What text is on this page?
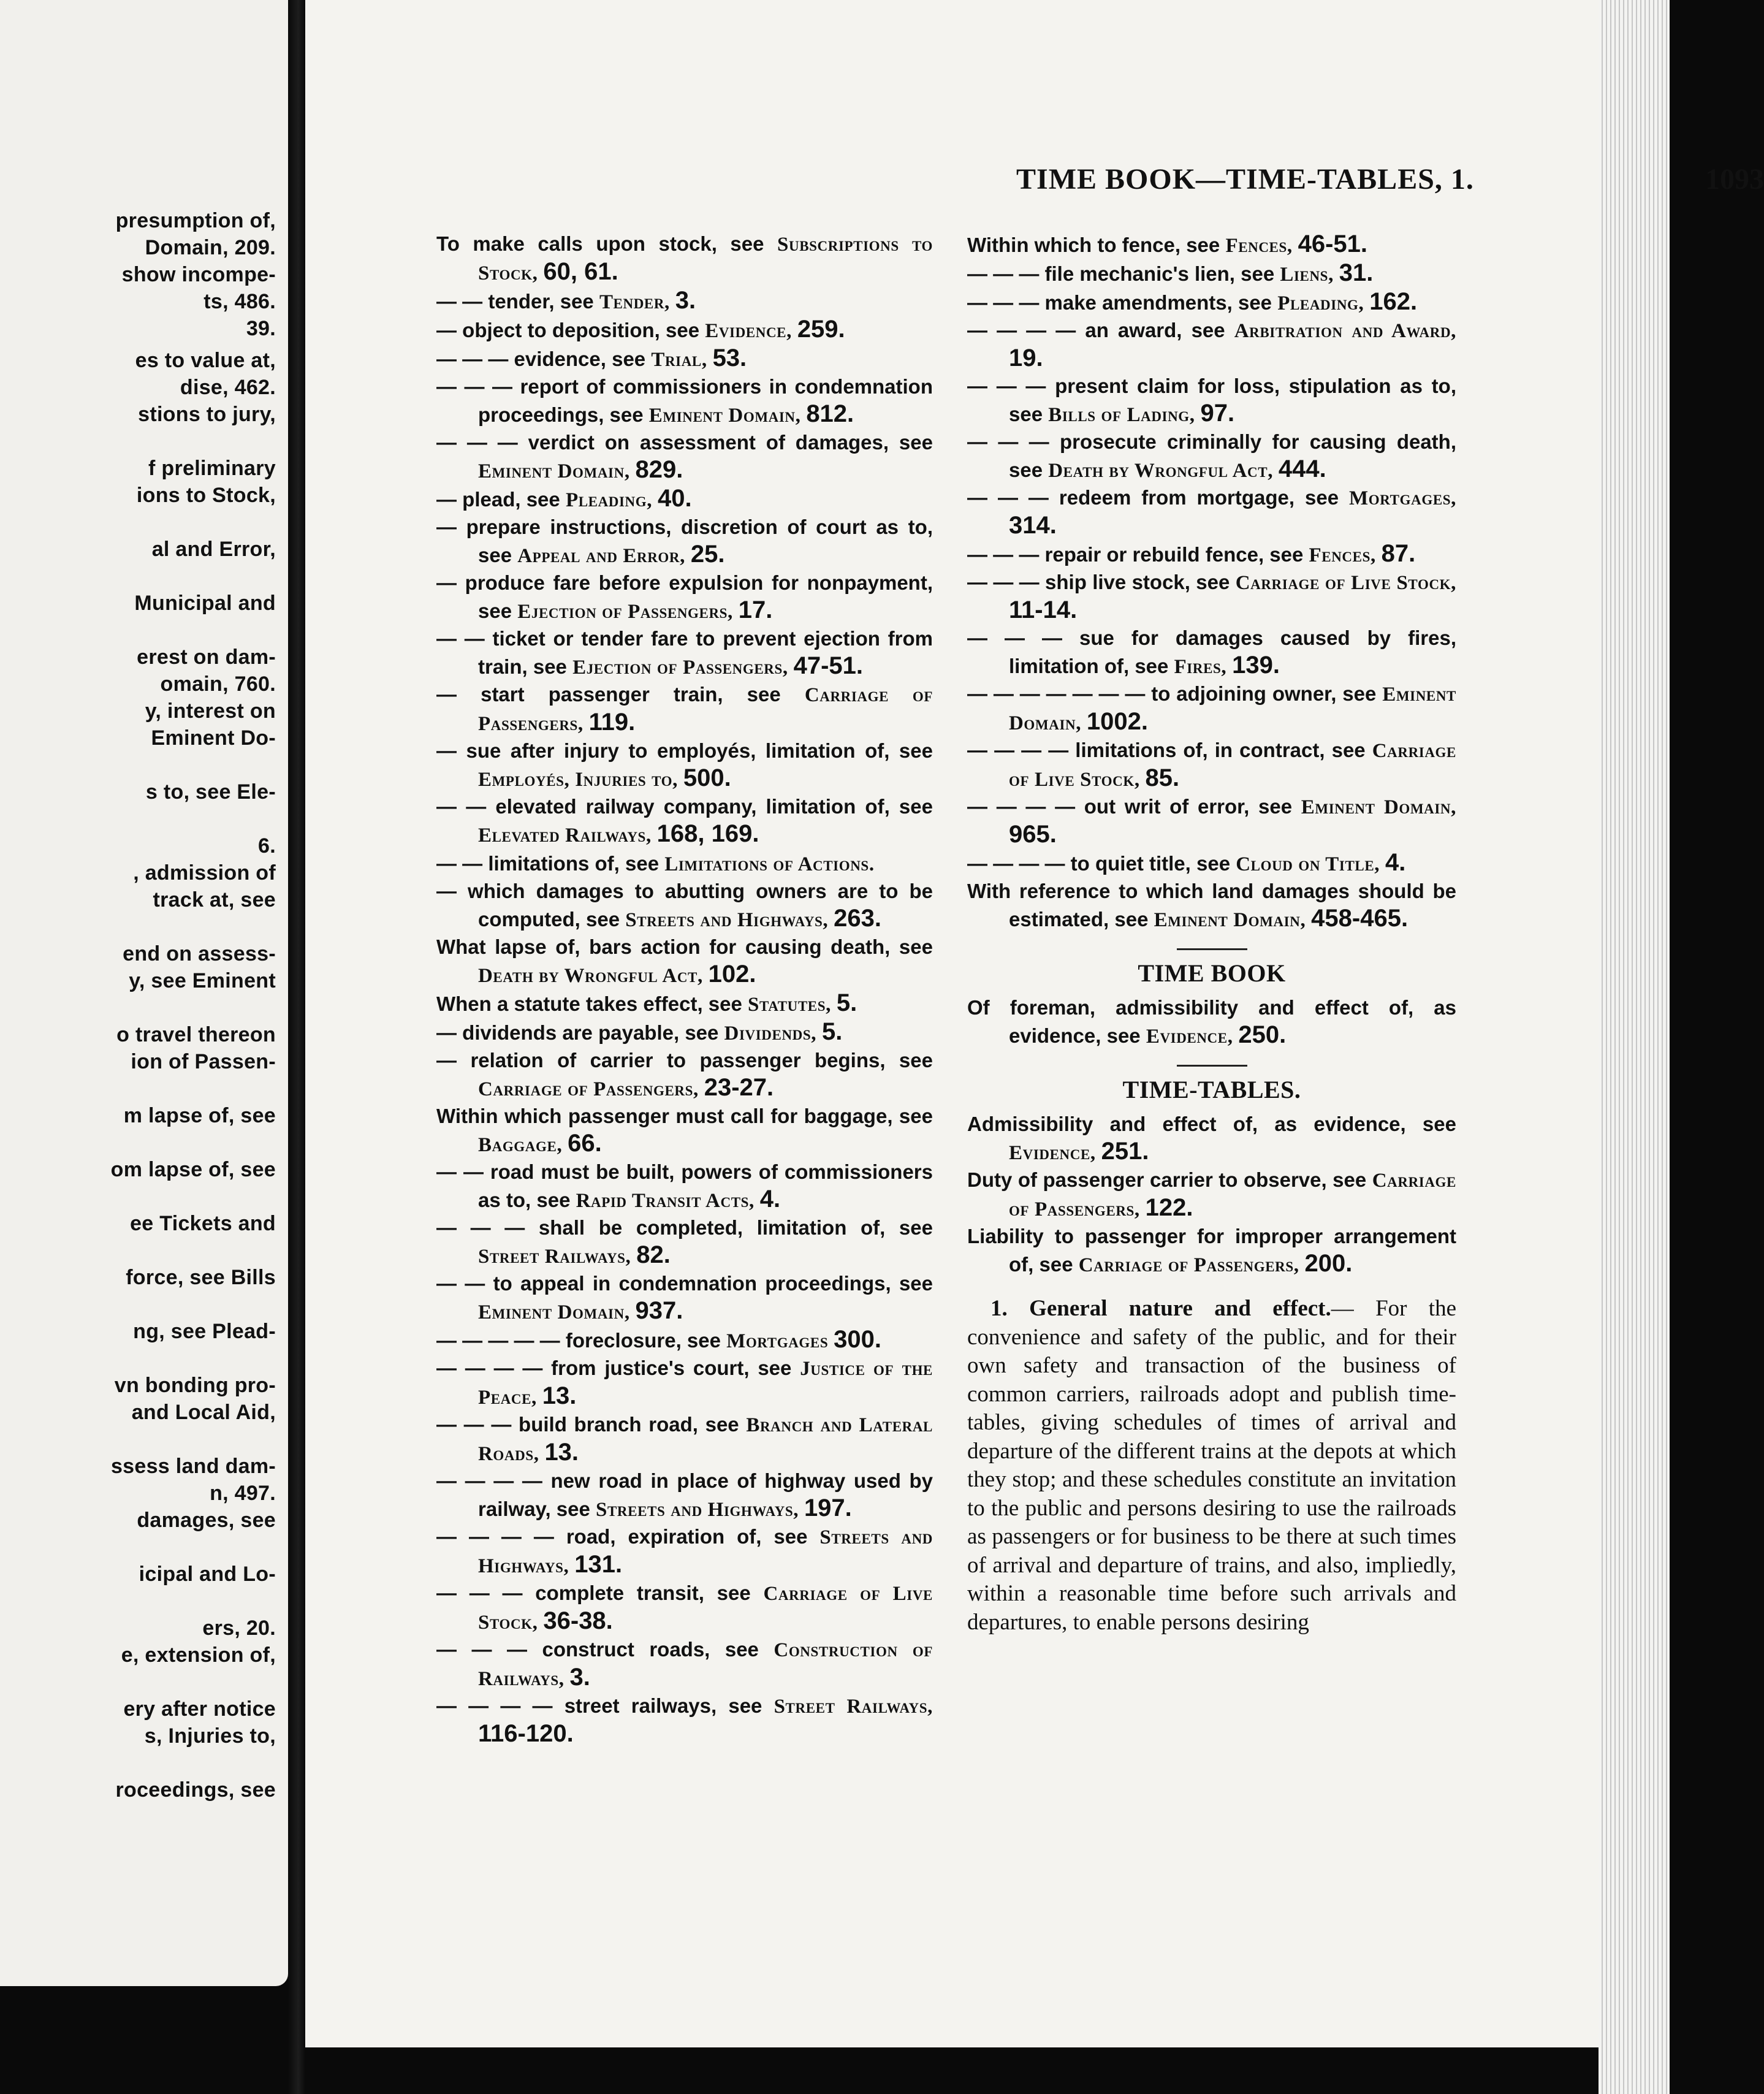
presumption of,
Domain, 209.
show incompe-
ts, 486.
39.
es to value at,
dise, 462.
stions to jury,
f preliminary
ions to Stock,
al and Error,
Municipal and
erest on dam-
omain, 760.
y, interest on
Eminent Do-
s to, see Ele-
6.
, admission of
track at, see
end on assess-
y, see Eminent
o travel thereon
ion of Passen-
m lapse of, see
om lapse of, see
ee Tickets and
force, see Bills
ng, see Plead-
vn bonding pro-
and Local Aid,
ssess land dam-
n, 497.
damages, see
icipal and Lo-
ers, 20.
e, extension of,
ery after notice
s, Injuries to,
roceedings, see
TIME BOOK—TIME-TABLES, 1.	1093

To make calls upon stock, see Subscriptions to Stock, 60, 61.

— — tender, see Tender, 3.

— object to deposition, see Evidence, 259.

— — — evidence, see Trial, 53.

— — — report of commissioners in condemnation proceedings, see Eminent Domain, 812.

— — — verdict on assessment of damages, see Eminent Domain, 829.

— plead, see Pleading, 40.

— prepare instructions, discretion of court as to, see Appeal and Error, 25.

— produce fare before expulsion for nonpayment, see Ejection of Passengers, 17.

— — ticket or tender fare to prevent ejection from train, see Ejection of Passengers, 47-51.

— start passenger train, see Carriage of Passengers, 119.

— sue after injury to employés, limitation of, see Employés, Injuries to, 500.

— — elevated railway company, limitation of, see Elevated Railways, 168, 169.

— — limitations of, see Limitations of Actions.

— which damages to abutting owners are to be computed, see Streets and Highways, 263.

What lapse of, bars action for causing death, see Death by Wrongful Act, 102.

When a statute takes effect, see Statutes, 5.

— dividends are payable, see Dividends, 5.

— relation of carrier to passenger begins, see Carriage of Passengers, 23-27.

Within which passenger must call for baggage, see Baggage, 66.

— — road must be built, powers of commissioners as to, see Rapid Transit Acts, 4.

— — — shall be completed, limitation of, see Street Railways, 82.

— — to appeal in condemnation proceedings, see Eminent Domain, 937.

— — — — — foreclosure, see Mortgages 300.

— — — — from justice's court, see Justice of the Peace, 13.

— — — build branch road, see Branch and Lateral Roads, 13.

— — — — new road in place of highway used by railway, see Streets and Highways, 197.

— — — — road, expiration of, see Streets and Highways, 131.

— — — complete transit, see Carriage of Live Stock, 36-38.

— — — construct roads, see Construction of Railways, 3.

— — — — street railways, see Street Railways, 116-120.

Within which to fence, see Fences, 46-51.

— — — file mechanic's lien, see Liens, 31.

— — — make amendments, see Pleading, 162.

— — — — an award, see Arbitration and Award, 19.

— — — present claim for loss, stipulation as to, see Bills of Lading, 97.

— — — prosecute criminally for causing death, see Death by Wrongful Act, 444.

— — — redeem from mortgage, see Mortgages, 314.

— — — repair or rebuild fence, see Fences, 87.

— — — ship live stock, see Carriage of Live Stock, 11-14.

— — — sue for damages caused by fires, limitation of, see Fires, 139.

— — — — — — — to adjoining owner, see Eminent Domain, 1002.

— — — — limitations of, in contract, see Carriage of Live Stock, 85.

— — — — out writ of error, see Eminent Domain, 965.

— — — — to quiet title, see Cloud on Title, 4.

With reference to which land damages should be estimated, see Eminent Domain, 458-465.

TIME BOOK

Of foreman, admissibility and effect of, as evidence, see Evidence, 250.

TIME-TABLES.

Admissibility and effect of, as evidence, see Evidence, 251.

Duty of passenger carrier to observe, see Carriage of Passengers, 122.

Liability to passenger for improper arrangement of, see Carriage of Passengers, 200.

1. General nature and effect.— For the convenience and safety of the public, and for their own safety and transaction of the business of common carriers, railroads adopt and publish time-tables, giving schedules of times of arrival and departure of the different trains at the depots at which they stop; and these schedules constitute an invitation to the public and persons desiring to use the railroads as passengers or for business to be there at such times of arrival and departure of trains, and also, impliedly, within a reasonable time before such arrivals and departures, to enable persons desiring
